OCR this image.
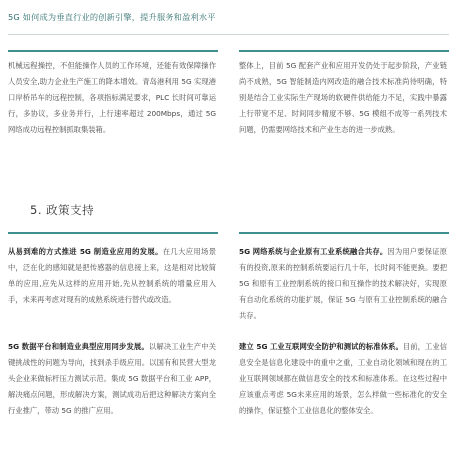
5G 如何成为垂直行业的创新引擎，提升服务和盈利水平

机械远程操控，不但能操作人员的工作环境，还能有效保障操作人员安全,助力企业生产施工的降本增效。青岛港利用 5G 实现港口岸桥吊车的远程控制，各项指标满足要求，PLC 长时间可靠运行，多协议，多业务并行，上行速率超过 200Mbps，通过 5G 网络成功远程控制抓取集装箱。

整体上，目前 5G 配套产业和应用开发仍处于起步阶段，产业链尚不成熟，5G 智能制造内网改造的融合技术标准尚待明确，特别是结合工业实际生产现场的软硬件供给能力不足，实践中暴露上行带宽不足、时间同步精度不够、5G 模组不成等一系列技术问题，仍需要网络技术和产业生态的进一步成熟。

5. 政策支持

从易到难的方式推进 5G 制造业应用的发展。在几大应用场景中，泛在化的感知就是把传感器的信息接上来，这是相对比较简单的应用,应先从这样的应用开始,先从控制系统的增量应用入手，未来再考虑对现有的成熟系统进行替代或改造。

5G 网络系统与企业原有工业系统融合共存。因为用户要保证原有的投资,原来的控制系统要运行几十年，长时间不能更换。要把 5G 和原有工业控制系统的接口和互操作的技术解决好，实现原有自动化系统的功能扩展，保证 5G 与原有工业控制系统的融合共存。

5G 数据平台和制造业典型应用同步发展。以解决工业生产中关键挑战性的问题为导向，找到杀手级应用。以国有和民营大型龙头企业来做标杆压力测试示范。集成 5G 数据平台和工业 APP，解决痛点问题，形成解决方案，测试成功后把这种解决方案向全行业推广，带动 5G 的推广应用。

建立 5G 工业互联网安全防护和测试的标准体系。目前，工业信息安全是信息化建设中的重中之重，工业自动化领域和现在的工业互联网领域都在做信息安全的技术和标准体系。在这些过程中应该重点考虑 5G未来应用的场景，怎么样做一些标准化的安全的操作，保证整个工业信息化的整体安全。
